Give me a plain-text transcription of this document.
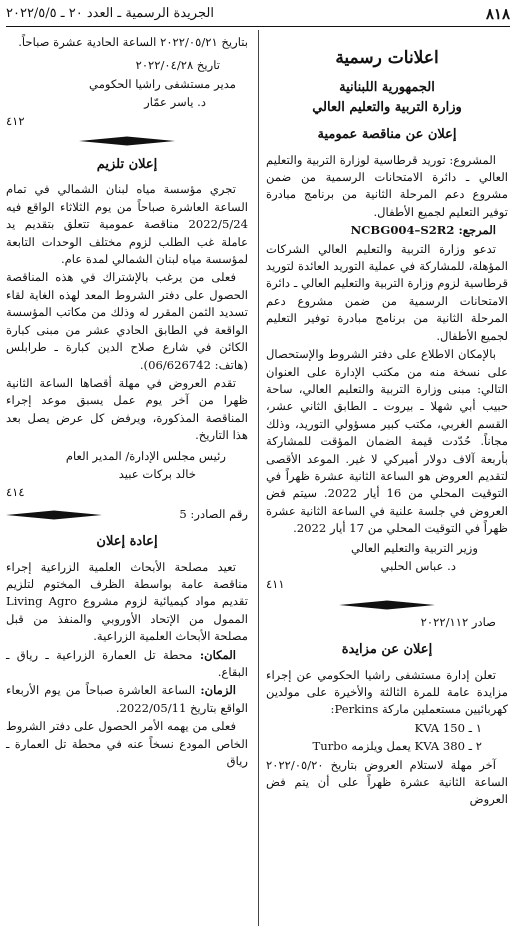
٨١٨
الجريدة الرسمية ـ العدد ٢٠ ـ ٢٠٢٢/٥/٥
اعلانات رسمية
الجمهورية اللبنانية
وزارة التربية والتعليم العالي
إعلان عن مناقصة عمومية

المشروع: توريد قرطاسية لوزارة التربية والتعليم العالي ـ دائرة الامتحانات الرسمية من ضمن مشروع دعم المرحلة الثانية من برنامج مبادرة توفير التعليم لجميع الأطفال.

المرجع: NCBG004–S2R2

تدعو وزارة التربية والتعليم العالي الشركات المؤهلة، للمشاركة في عملية التوريد العائدة لتوريد قرطاسية لزوم وزارة التربية والتعليم العالي ـ دائرة الامتحانات الرسمية من ضمن مشروع دعم المرحلة الثانية من برنامج مبادرة توفير التعليم لجميع الأطفال.

بالإمكان الاطلاع على دفتر الشروط والإستحصال على نسخة منه من مكتب الإدارة على العنوان التالي: مبنى وزارة التربية والتعليم العالي، ساحة حبيب أبي شهلا ـ بيروت ـ الطابق الثاني عشر، القسم الغربي، مكتب كبير مسؤولي التوريد، وذلك مجاناً. حُدّدت قيمة الضمان المؤقت للمشاركة بأربعة آلاف دولار أميركي لا غير. الموعد الأقصى لتقديم العروض هو الساعة الثانية عشرة ظهراً في التوقيت المحلي من 16 أيار 2022. سيتم فض العروض في جلسة علنية في الساعة الثانية عشرة ظهراً في التوقيت المحلي من 17 أيار 2022.

وزير التربية والتعليم العالي

د. عباس الحلبي

٤١١

صادر ٢٠٢٢/١١٢

إعلان عن مزايدة

تعلن إدارة مستشفى راشيا الحكومي عن إجراء مزايدة عامة للمرة الثالثة والأخيرة على مولدين كهربائيين مستعملين ماركة Perkins:

١ ـ 150 KVA

٢ ـ 380 KVA يعمل ويلزمه Turbo

آخر مهلة لاستلام العروض بتاريخ ٢٠٢٢/٠٥/٢٠ الساعة الثانية عشرة ظهراً على أن يتم فض العروض

بتاريخ ٢٠٢٢/٠٥/٢١ الساعة الحادية عشرة صباحاً.

تاريخ ٢٠٢٢/٠٤/٢٨

مدير مستشفى راشيا الحكومي

د. ياسر عمّار

٤١٢

إعلان تلزيم

تجري مؤسسة مياه لبنان الشمالي في تمام الساعة العاشرة صباحاً من يوم الثلاثاء الواقع فيه 2022/5/24 مناقصة عمومية تتعلق بتقديم يد عاملة غب الطلب لزوم مختلف الوحدات التابعة لمؤسسة مياه لبنان الشمالي لمدة عام.

فعلى من يرغب بالإشتراك في هذه المناقصة الحصول على دفتر الشروط المعد لهذه الغاية لقاء تسديد الثمن المقرر له وذلك من مكاتب المؤسسة الواقعة في الطابق الحادي عشر من مبنى كبارة الكائن في شارع صلاح الدين كبارة ـ طرابلس (هاتف: 06/626742).

تقدم العروض في مهلة أقصاها الساعة الثانية ظهرا من آخر يوم عمل يسبق موعد إجراء المناقصة المذكورة، ويرفض كل عرض يصل بعد هذا التاريخ.

رئيس مجلس الإدارة/ المدير العام

خالد بركات عبيد

٤١٤

رقم الصادر: 5
إعادة إعلان

تعيد مصلحة الأبحاث العلمية الزراعية إجراء مناقصة عامة بواسطة الظرف المختوم لتلزيم تقديم مواد كيميائية لزوم مشروع Living Agro الممول من الإتحاد الأوروبي والمنفذ من قبل مصلحة الأبحاث العلمية الزراعية.

المكان: محطة تل العمارة الزراعية ـ رياق ـ البقاع.

الزمان: الساعة العاشرة صباحاً من يوم الأربعاء الواقع بتاريخ 2022/05/11.

فعلى من يهمه الأمر الحصول على دفتر الشروط الخاص المودع نسخاً عنه في محطة تل العمارة ـ رياق
